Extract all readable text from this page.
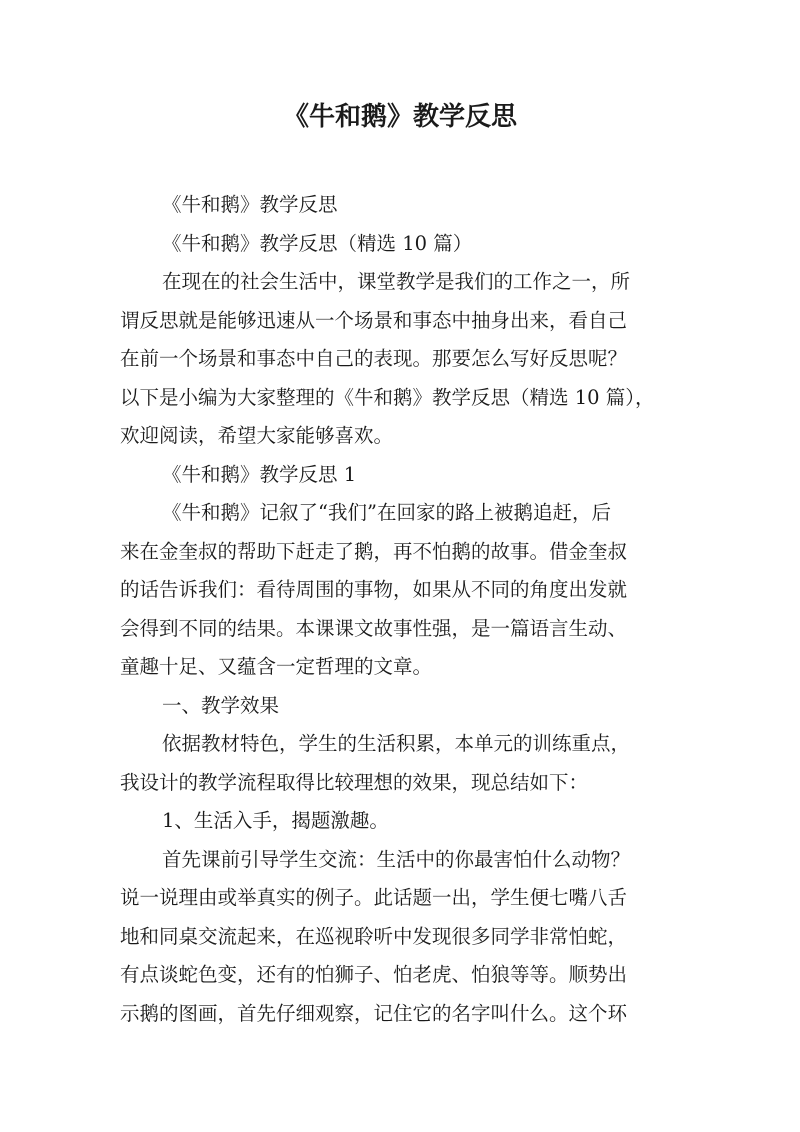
《牛和鹅》教学反思
《牛和鹅》教学反思
《牛和鹅》教学反思（精选 10 篇）
在现在的社会生活中，课堂教学是我们的工作之一，所
谓反思就是能够迅速从一个场景和事态中抽身出来，看自己
在前一个场景和事态中自己的表现。那要怎么写好反思呢？
以下是小编为大家整理的《牛和鹅》教学反思（精选 10 篇），
欢迎阅读，希望大家能够喜欢。
《牛和鹅》教学反思 1
《牛和鹅》记叙了“我们”在回家的路上被鹅追赶，后
来在金奎叔的帮助下赶走了鹅，再不怕鹅的故事。借金奎叔
的话告诉我们：看待周围的事物，如果从不同的角度出发就
会得到不同的结果。本课课文故事性强，是一篇语言生动、
童趣十足、又蕴含一定哲理的文章。
一、教学效果
依据教材特色，学生的生活积累，本单元的训练重点，
我设计的教学流程取得比较理想的效果，现总结如下：
1、生活入手，揭题激趣。
首先课前引导学生交流：生活中的你最害怕什么动物？
说一说理由或举真实的例子。此话题一出，学生便七嘴八舌
地和同桌交流起来，在巡视聆听中发现很多同学非常怕蛇，
有点谈蛇色变，还有的怕狮子、怕老虎、怕狼等等。顺势出
示鹅的图画，首先仔细观察，记住它的名字叫什么。这个环
